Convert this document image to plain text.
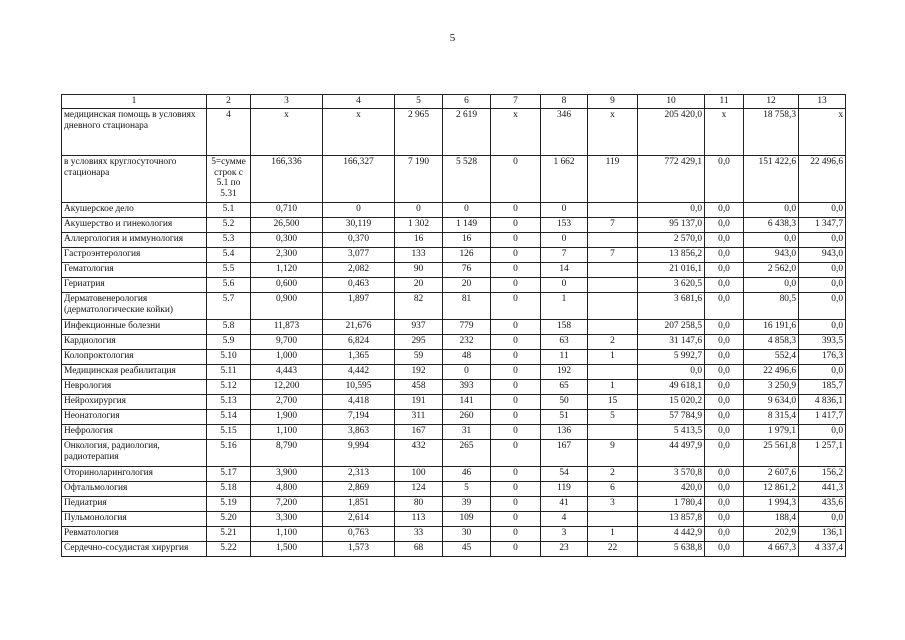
5
1	2	3	4	5	6	7	8	9	10	11	12	13
медицинская помощь в условиях дневного стационара	4	x	x	2 965	2 619	x	346	x	205 420,0	x	18 758,3	x
в условиях круглосуточного стационара	5=сумме строк с 5.1 по 5.31	166,336	166,327	7 190	5 528	0	1 662	119	772 429,1	0,0	151 422,6	22 496,6
Акушерское дело	5.1	0,710	0	0	0	0	0		0,0	0,0	0,0	0,0
Акушерство и гинекология	5.2	26,500	30,119	1 302	1 149	0	153	7	95 137,0	0,0	6 438,3	1 347,7
Аллергология и иммунология	5.3	0,300	0,370	16	16	0	0		2 570,0	0,0	0,0	0,0
Гастроэнтерология	5.4	2,300	3,077	133	126	0	7	7	13 856,2	0,0	943,0	943,0
Гематология	5.5	1,120	2,082	90	76	0	14		21 016,1	0,0	2 562,0	0,0
Гериатрия	5.6	0,600	0,463	20	20	0	0		3 620,5	0,0	0,0	0,0
Дерматовенерология (дерматологические койки)	5.7	0,900	1,897	82	81	0	1		3 681,6	0,0	80,5	0,0
Инфекционные болезни	5.8	11,873	21,676	937	779	0	158		207 258,5	0,0	16 191,6	0,0
Кардиология	5.9	9,700	6,824	295	232	0	63	2	31 147,6	0,0	4 858,3	393,5
Колопроктология	5.10	1,000	1,365	59	48	0	11	1	5 992,7	0,0	552,4	176,3
Медицинская реабилитация	5.11	4,443	4,442	192	0	0	192		0,0	0,0	22 496,6	0,0
Неврология	5.12	12,200	10,595	458	393	0	65	1	49 618,1	0,0	3 250,9	185,7
Нейрохирургия	5.13	2,700	4,418	191	141	0	50	15	15 020,2	0,0	9 634,0	4 836,1
Неонатология	5.14	1,900	7,194	311	260	0	51	5	57 784,9	0,0	8 315,4	1 417,7
Нефрология	5.15	1,100	3,863	167	31	0	136		5 413,5	0,0	1 979,1	0,0
Онкология, радиология, радиотерапия	5.16	8,790	9,994	432	265	0	167	9	44 497,9	0,0	25 561,8	1 257,1
Оториноларингология	5.17	3,900	2,313	100	46	0	54	2	3 570,8	0,0	2 607,6	156,2
Офтальмология	5.18	4,800	2,869	124	5	0	119	6	420,0	0,0	12 861,2	441,3
Педиатрия	5.19	7,200	1,851	80	39	0	41	3	1 780,4	0,0	1 994,3	435,6
Пульмонология	5.20	3,300	2,614	113	109	0	4		13 857,8	0,0	188,4	0,0
Ревматология	5.21	1,100	0,763	33	30	0	3	1	4 442,9	0,0	202,9	136,1
Сердечно-сосудистая хирургия	5.22	1,500	1,573	68	45	0	23	22	5 638,8	0,0	4 667,3	4 337,4
